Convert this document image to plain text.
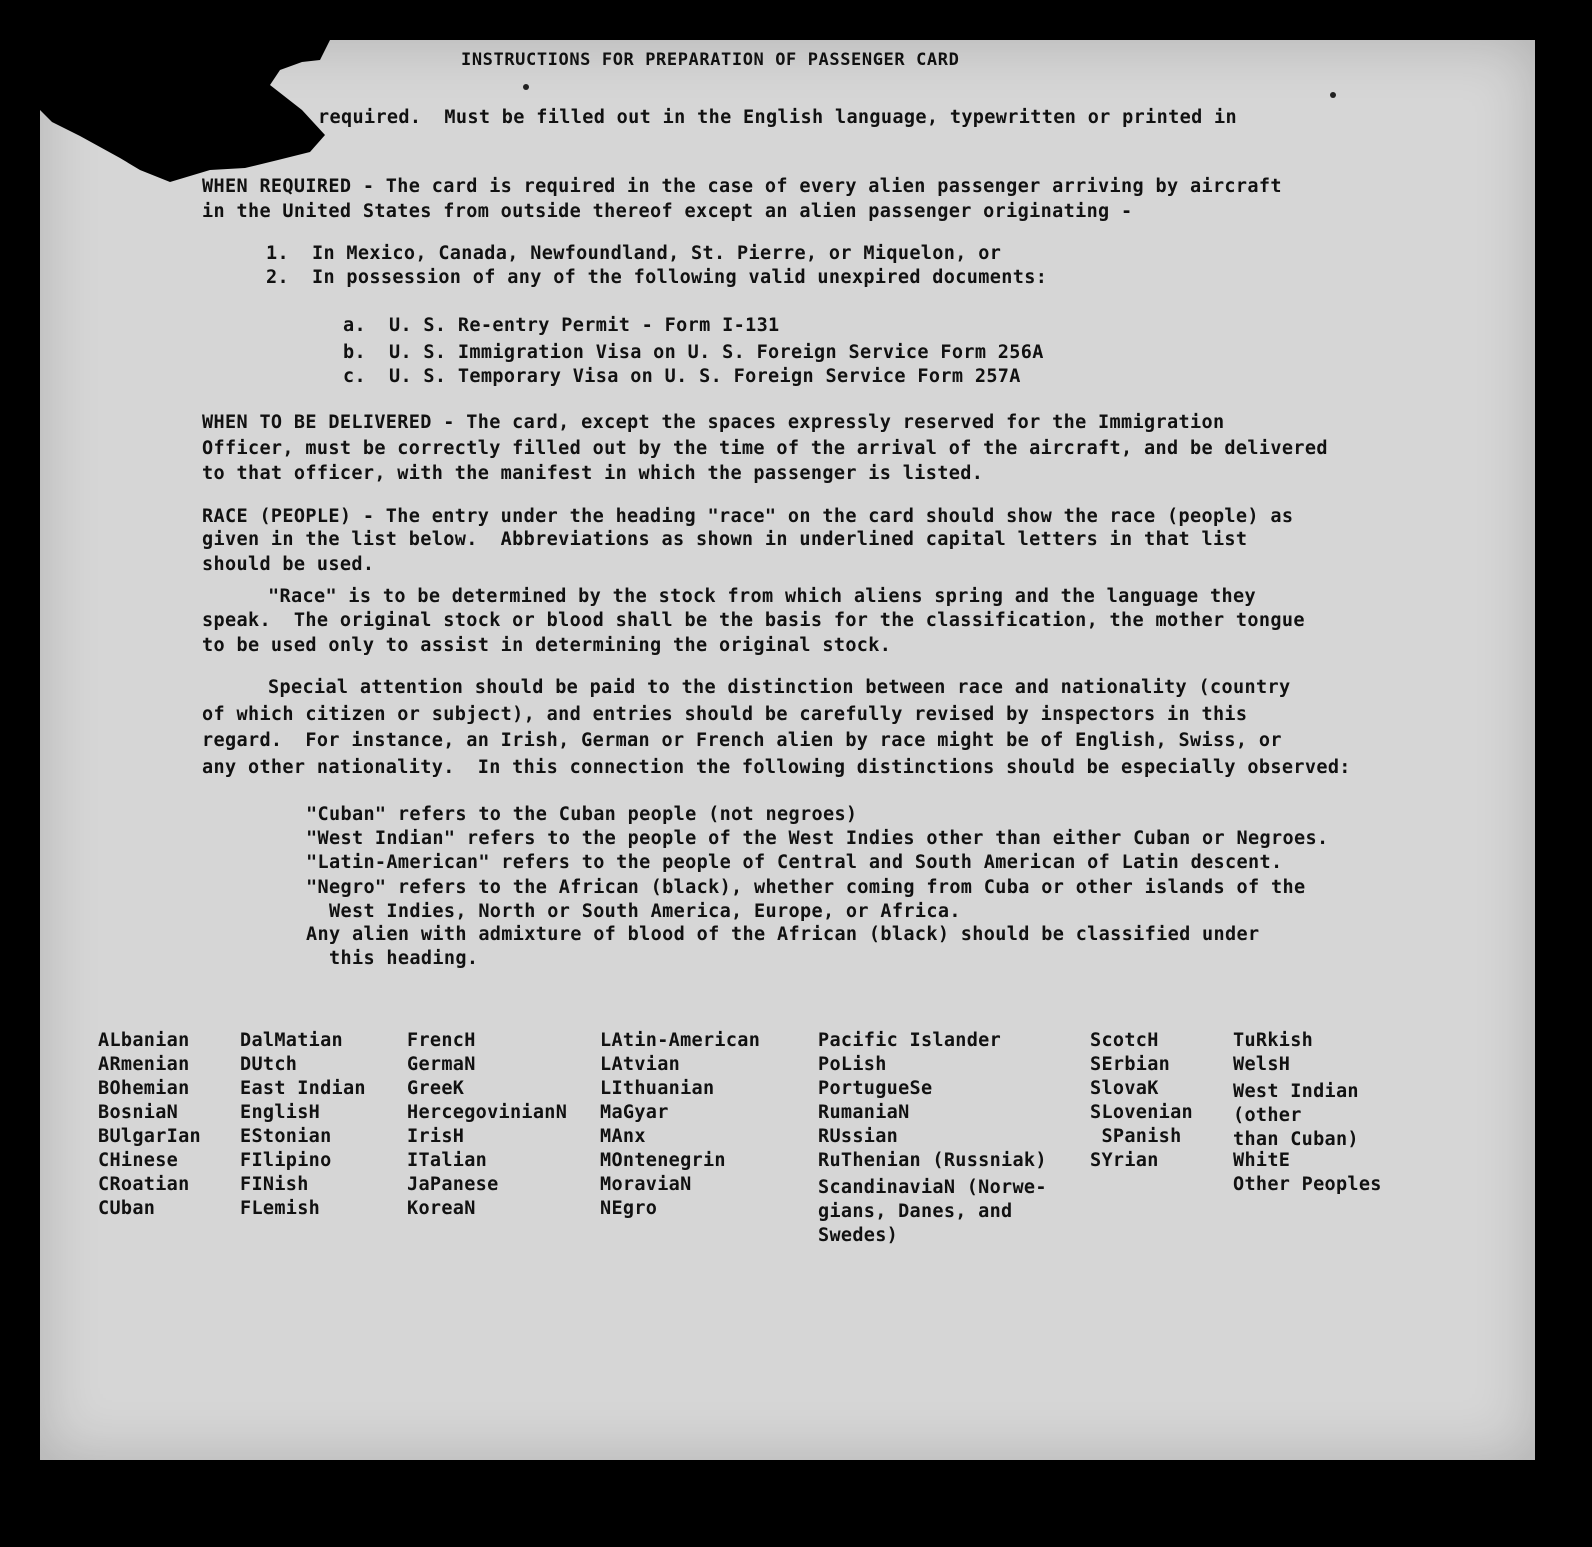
INSTRUCTIONS FOR PREPARATION OF PASSENGER CARD
required.  Must be filled out in the English language, typewritten or printed in
WHEN REQUIRED - The card is required in the case of every alien passenger arriving by aircraft
in the United States from outside thereof except an alien passenger originating -
1.  In Mexico, Canada, Newfoundland, St. Pierre, or Miquelon, or
2.  In possession of any of the following valid unexpired documents:
a.  U. S. Re-entry Permit - Form I-131
b.  U. S. Immigration Visa on U. S. Foreign Service Form 256A
c.  U. S. Temporary Visa on U. S. Foreign Service Form 257A
WHEN TO BE DELIVERED - The card, except the spaces expressly reserved for the Immigration
Officer, must be correctly filled out by the time of the arrival of the aircraft, and be delivered
to that officer, with the manifest in which the passenger is listed.
RACE (PEOPLE) - The entry under the heading "race" on the card should show the race (people) as
given in the list below.  Abbreviations as shown in underlined capital letters in that list
should be used.
"Race" is to be determined by the stock from which aliens spring and the language they
speak.  The original stock or blood shall be the basis for the classification, the mother tongue
to be used only to assist in determining the original stock.
Special attention should be paid to the distinction between race and nationality (country
of which citizen or subject), and entries should be carefully revised by inspectors in this
regard.  For instance, an Irish, German or French alien by race might be of English, Swiss, or
any other nationality.  In this connection the following distinctions should be especially observed:
"Cuban" refers to the Cuban people (not negroes)
"West Indian" refers to the people of the West Indies other than either Cuban or Negroes.
"Latin-American" refers to the people of Central and South American of Latin descent.
"Negro" refers to the African (black), whether coming from Cuba or other islands of the
West Indies, North or South America, Europe, or Africa.
Any alien with admixture of blood of the African (black) should be classified under
this heading.
ALbanian
ARmenian
BOhemian
BosniaN
BUlgarIan
CHinese
CRoatian
CUban
DalMatian
DUtch
East Indian
EnglisH
EStonian
FIlipino
FINish
FLemish
FrencH
GermaN
GreeK
HercegovinianN
IrisH
ITalian
JaPanese
KoreaN
LAtin-American
LAtvian
LIthuanian
MaGyar
MAnx
MOntenegrin
MoraviaN
NEgro
Pacific Islander
PoLish
PortugueSe
RumaniaN
RUssian
RuThenian (Russniak)
ScandinaviaN (Norwe-
gians, Danes, and
Swedes)
ScotcH
SErbian
SlovaK
SLovenian
SPanish
SYrian
TuRkish
WelsH
West Indian (other
than Cuban)
WhitE
Other Peoples
